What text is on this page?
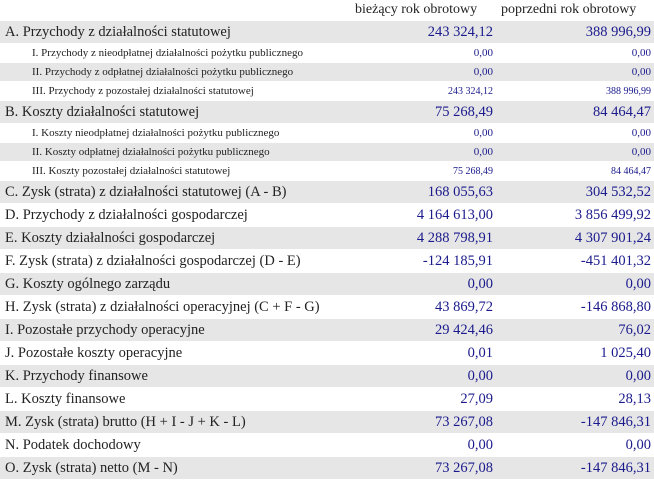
bieżący rok obrotowy poprzedni rok obrotowy
A. Przychody z działalności statutowej	243 324,12	388 996,99
I. Przychody z nieodpłatnej działalności pożytku publicznego	0,00	0,00
II. Przychody z odpłatnej działalności pożytku publicznego	0,00	0,00
III. Przychody z pozostałej działalności statutowej	243 324,12	388 996,99
B. Koszty działalności statutowej	75 268,49	84 464,47
I. Koszty nieodpłatnej działalności pożytku publicznego	0,00	0,00
II. Koszty odpłatnej działalności pożytku publicznego	0,00	0,00
III. Koszty pozostałej działalności statutowej	75 268,49	84 464,47
C. Zysk (strata) z działalności statutowej (A - B)	168 055,63	304 532,52
D. Przychody z działalności gospodarczej	4 164 613,00	3 856 499,92
E. Koszty działalności gospodarczej	4 288 798,91	4 307 901,24
F. Zysk (strata) z działalności gospodarczej (D - E)	-124 185,91	-451 401,32
G. Koszty ogólnego zarządu	0,00	0,00
H. Zysk (strata) z działalności operacyjnej (C + F - G)	43 869,72	-146 868,80
I. Pozostałe przychody operacyjne	29 424,46	76,02
J. Pozostałe koszty operacyjne	0,01	1 025,40
K. Przychody finansowe	0,00	0,00
L. Koszty finansowe	27,09	28,13
M. Zysk (strata) brutto (H + I - J + K - L)	73 267,08	-147 846,31
N. Podatek dochodowy	0,00	0,00
O. Zysk (strata) netto (M - N)	73 267,08	-147 846,31
